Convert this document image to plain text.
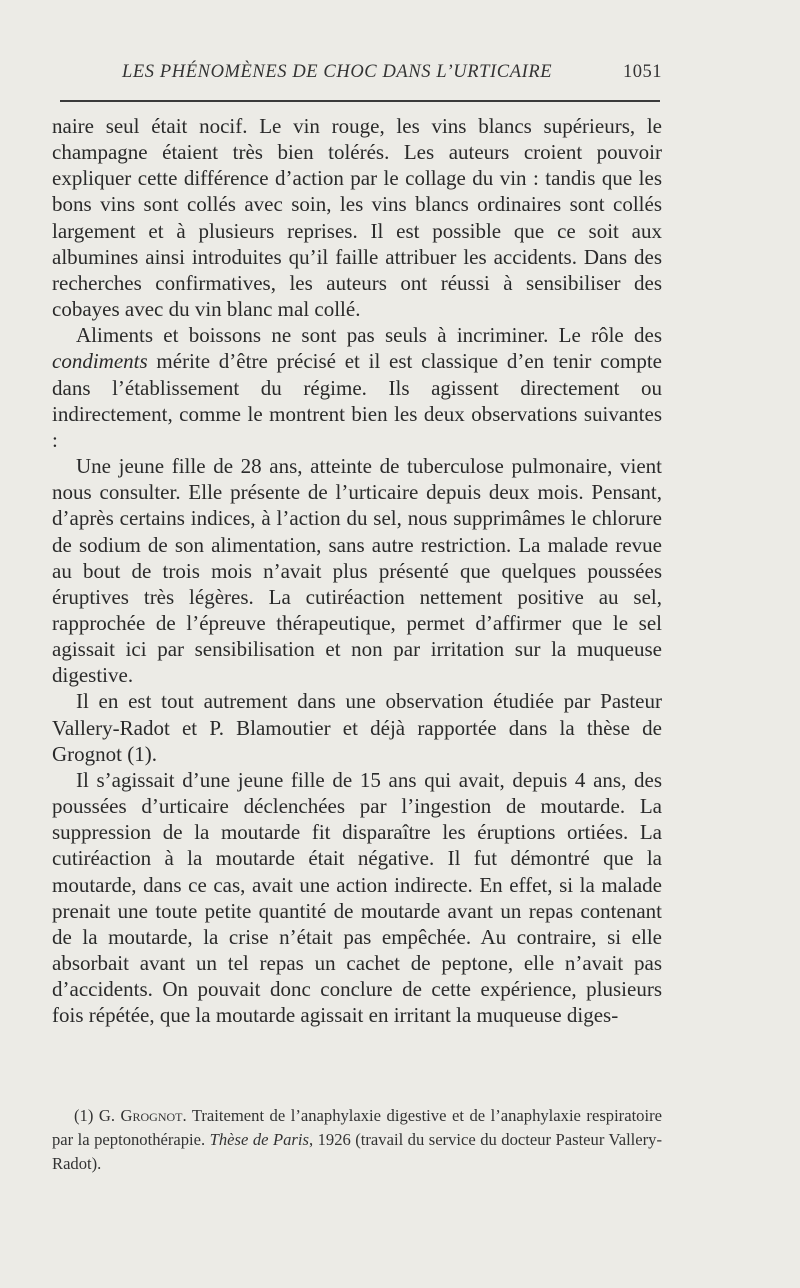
LES PHÉNOMÈNES DE CHOC DANS L’URTICAIRE	1051

naire seul était nocif. Le vin rouge, les vins blancs supérieurs, le champagne étaient très bien tolérés. Les auteurs croient pouvoir expliquer cette différence d’action par le collage du vin : tandis que les bons vins sont collés avec soin, les vins blancs ordinaires sont collés largement et à plusieurs reprises. Il est possible que ce soit aux albumines ainsi introduites qu’il faille attribuer les accidents. Dans des recherches confirmatives, les auteurs ont réussi à sensibiliser des cobayes avec du vin blanc mal collé.

Aliments et boissons ne sont pas seuls à incriminer. Le rôle des condiments mérite d’être précisé et il est classique d’en tenir compte dans l’établissement du régime. Ils agissent directement ou indirectement, comme le montrent bien les deux observations suivantes :

Une jeune fille de 28 ans, atteinte de tuberculose pulmonaire, vient nous consulter. Elle présente de l’urticaire depuis deux mois. Pensant, d’après certains indices, à l’action du sel, nous supprimâmes le chlorure de sodium de son alimentation, sans autre restriction. La malade revue au bout de trois mois n’avait plus présenté que quelques poussées éruptives très légères. La cutiréaction nettement positive au sel, rapprochée de l’épreuve thérapeutique, permet d’affirmer que le sel agissait ici par sensibilisation et non par irritation sur la muqueuse digestive.

Il en est tout autrement dans une observation étudiée par Pasteur Vallery-Radot et P. Blamoutier et déjà rapportée dans la thèse de Grognot (1).

Il s’agissait d’une jeune fille de 15 ans qui avait, depuis 4 ans, des poussées d’urticaire déclenchées par l’ingestion de moutarde. La suppression de la moutarde fit disparaître les éruptions ortiées. La cutiréaction à la moutarde était négative. Il fut démontré que la moutarde, dans ce cas, avait une action indirecte. En effet, si la malade prenait une toute petite quantité de moutarde avant un repas contenant de la moutarde, la crise n’était pas empêchée. Au contraire, si elle absorbait avant un tel repas un cachet de peptone, elle n’avait pas d’accidents. On pouvait donc conclure de cette expérience, plusieurs fois répétée, que la moutarde agissait en irritant la muqueuse diges-

(1) G. Grognot. Traitement de l’anaphylaxie digestive et de l’anaphylaxie respiratoire par la peptonothérapie. Thèse de Paris, 1926 (travail du service du docteur Pasteur Vallery-Radot).
